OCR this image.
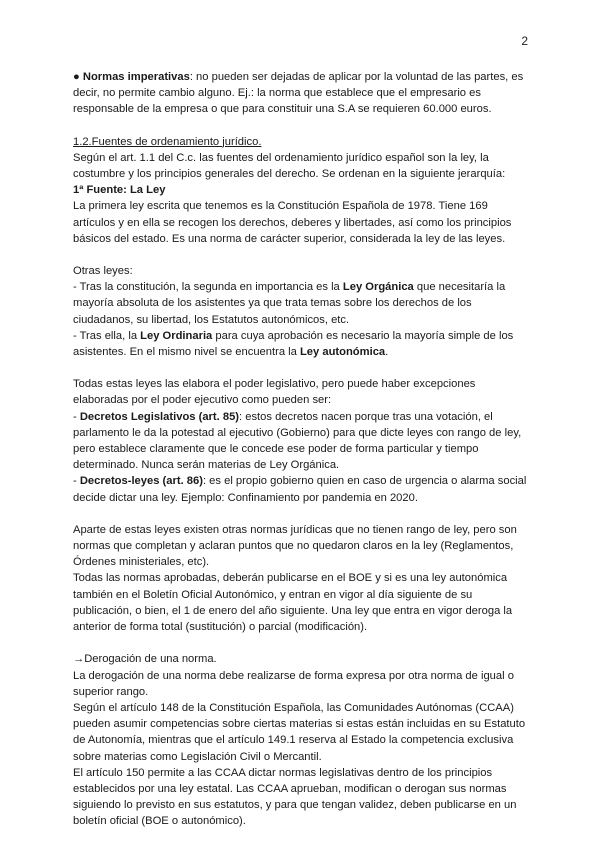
2

● Normas imperativas: no pueden ser dejadas de aplicar por la voluntad de las partes, es decir, no permite cambio alguno. Ej.: la norma que establece que el empresario es responsable de la empresa o que para constituir una S.A se requieren 60.000 euros.

1.2.Fuentes de ordenamiento jurídico.

Según el art. 1.1 del C.c. las fuentes del ordenamiento jurídico español son la ley, la costumbre y los principios generales del derecho. Se ordenan en la siguiente jerarquía:

1ª Fuente: La Ley

La primera ley escrita que tenemos es la Constitución Española de 1978. Tiene 169 artículos y en ella se recogen los derechos, deberes y libertades, así como los principios básicos del estado. Es una norma de carácter superior, considerada la ley de las leyes.

Otras leyes:

- Tras la constitución, la segunda en importancia es la Ley Orgánica que necesitaría la mayoría absoluta de los asistentes ya que trata temas sobre los derechos de los ciudadanos, su libertad, los Estatutos autonómicos, etc.

- Tras ella, la Ley Ordinaria para cuya aprobación es necesario la mayoría simple de los asistentes. En el mismo nivel se encuentra la Ley autonómica.

Todas estas leyes las elabora el poder legislativo, pero puede haber excepciones elaboradas por el poder ejecutivo como pueden ser:

- Decretos Legislativos (art. 85): estos decretos nacen porque tras una votación, el parlamento le da la potestad al ejecutivo (Gobierno) para que dicte leyes con rango de ley, pero establece claramente que le concede ese poder de forma particular y tiempo determinado. Nunca serán materias de Ley Orgánica.

- Decretos-leyes (art. 86): es el propio gobierno quien en caso de urgencia o alarma social decide dictar una ley. Ejemplo: Confinamiento por pandemia en 2020.

Aparte de estas leyes existen otras normas jurídicas que no tienen rango de ley, pero son normas que completan y aclaran puntos que no quedaron claros en la ley (Reglamentos, Órdenes ministeriales, etc).

Todas las normas aprobadas, deberán publicarse en el BOE y si es una ley autonómica también en el Boletín Oficial Autonómico, y entran en vigor al día siguiente de su publicación, o bien, el 1 de enero del año siguiente. Una ley que entra en vigor deroga la anterior de forma total (sustitución) o parcial (modificación).

→Derogación de una norma.

La derogación de una norma debe realizarse de forma expresa por otra norma de igual o superior rango.

Según el artículo 148 de la Constitución Española, las Comunidades Autónomas (CCAA) pueden asumir competencias sobre ciertas materias si estas están incluidas en su Estatuto de Autonomía, mientras que el artículo 149.1 reserva al Estado la competencia exclusiva sobre materias como Legislación Civil o Mercantil.

El artículo 150 permite a las CCAA dictar normas legislativas dentro de los principios establecidos por una ley estatal. Las CCAA aprueban, modifican o derogan sus normas siguiendo lo previsto en sus estatutos, y para que tengan validez, deben publicarse en un boletín oficial (BOE o autonómico).
